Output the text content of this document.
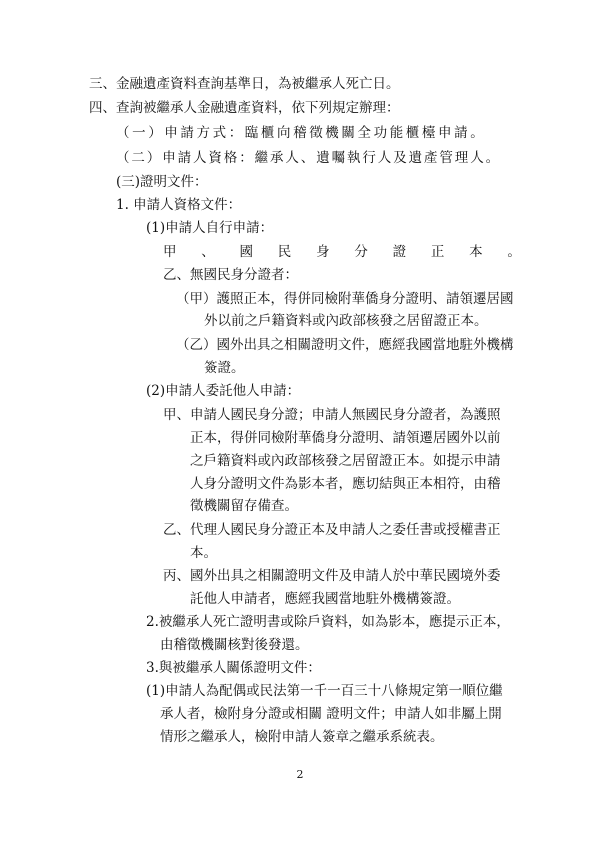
三、金融遺產資料查詢基準日，為被繼承人死亡日。
四、查詢被繼承人金融遺產資料，依下列規定辦理：
（一）申請方式：臨櫃向稽徵機關全功能櫃檯申請。
（二）申請人資格：繼承人、遺囑執行人及遺產管理人。
(三)證明文件：
1. 申請人資格文件：
(1)申請人自行申請：
甲 、 國 民 身 分 證 正 本 。
乙、無國民身分證者：
（甲）護照正本，得併同檢附華僑身分證明、請領遷居國
外以前之戶籍資料或內政部核發之居留證正本。
（乙）國外出具之相關證明文件，應經我國當地駐外機構
簽證。
(2)申請人委託他人申請：
甲、申請人國民身分證；申請人無國民身分證者，為護照
正本，得併同檢附華僑身分證明、請領遷居國外以前
之戶籍資料或內政部核發之居留證正本。如提示申請
人身分證明文件為影本者，應切結與正本相符，由稽
徵機關留存備查。
乙、代理人國民身分證正本及申請人之委任書或授權書正
本。
丙、國外出具之相關證明文件及申請人於中華民國境外委
託他人申請者，應經我國當地駐外機構簽證。
2.被繼承人死亡證明書或除戶資料，如為影本，應提示正本，
由稽徵機關核對後發還。
3.與被繼承人關係證明文件：
(1)申請人為配偶或民法第一千一百三十八條規定第一順位繼
承人者，檢附身分證或相關 證明文件；申請人如非屬上開
情形之繼承人，檢附申請人簽章之繼承系統表。
2
